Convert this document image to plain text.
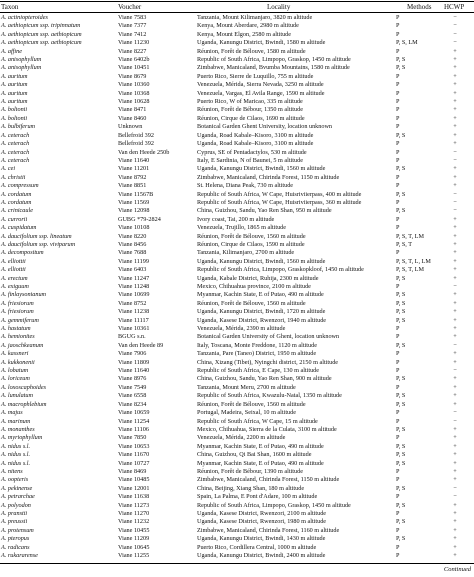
Taxon	Voucher	Locality	Methods HCWP
A. actiniopteroides	Viane 7583	Tanzania, Mount Kilimanjaro, 3820 m altitude	P	−
A. aethiopicum ssp. tripinnatum	Viane 7377	Kenya, Mount Aberdare, 2980 m altitude	P	−
A. aethiopicum ssp. aethiopicum	Viane 7412	Kenya, Mount Elgon, 2580 m altitude	P	−
A. aethiopicum ssp. aethiopicum	Viane 11230	Uganda, Kanungu District, Bwindi, 1580 m altitude	P, S, LM	−
A. affine	Viane 8227	Réunion, Forêt de Bélouve, 1580 m altitude	P	+
A. anisophyllum	Viane 6402b	Republic of South Africa, Limpopo, Graskop, 1450 m altitude	P, S	+
A. anisophyllum	Viane 10451	Zimbabwe, Manicaland, Bvumba Mountains, 1580 m altitude	P, S	+
A. auritum	Viane 8679	Puerto Rico, Sierre de Luquillo, 755 m altitude	P	+
A. auritum	Viane 10360	Venezuela, Mérida, Sierra Nevada, 3250 m altitude	P	+
A. auritum	Viane 10368	Venezuela, Vargas, El Avila Range, 1590 m altitude	P	+
A. auritum	Viane 10628	Puerto Rico, W of Maricao, 335 m altitude	P	+
A. boltonii	Viane 8471	Réunion, Forêt de Bébour, 1350 m altitude	P	+
A. boltonii	Viane 8460	Réunion, Cirque de Cilaos, 1690 m altitude	P	+
A. bulbiferum	Unknown	Botanical Garden Ghent University, location unknown	P	+
A. ceterach	Bellefroid 392	Uganda, Road Kabale–Kisoro, 3100 m altitude	P, S	+
A. ceterach	Bellefroid 392	Uganda, Road Kabale–Kisoro, 3100 m altitude	P	+
A. ceterach	Van den Heede 250b	Cyprus, SE of Pentadactylos, 530 m altitude	P	−
A. ceterach	Viane 11640	Italy, E Sardinia, N of Baunei, 5 m altitude	P	−
A. cei	Viane 11201	Uganda, Kanungu District, Bwindi, 1560 m altitude	P, S	+
A. christii	Viane 8792	Zimbabwe, Manicaland, Chirinda Forest, 1150 m altitude	P	+
A. compressum	Viane 8851	St. Helena, Diana Peak, 730 m altitude	P	+
A. cordatum	Viane 11567B	Republic of South Africa, W Cape, Huisriviierpass, 400 m altitude	P, S	−
A. cordatum	Viane 11569	Republic of South Africa, W Cape, Huisriviierpass, 360 m altitude	P	−
A. crinicaule	Viane 12098	China, Guizhou, Sandu, Yao Ren Shan, 950 m altitude	P, S	−
A. currorii	GUBG *79-2824	Ivory coast, Tai, 200 m altitude	P	+
A. cuspidatum	Viane 10108	Venezuela, Trujillo, 1865 m altitude	P	+
A. daucifolium ssp. lineatum	Viane 8220	Réunion, Forêt de Bélouve, 1560 m altitude	P, S, T, LM	+
A. daucifolium ssp. viviparum	Viane 8456	Réunion, Cirque de Cilaos, 1590 m altitude	P, S, T	+
A. decompositum	Viane 7688	Tanzania, Kilimanjaro, 2700 m altitude	P	+
A. elliottii	Viane 11199	Uganda, Kanungu District, Bwindi, 1560 m altitude	P, S, T, L, LM	+
A. elliottii	Viane 6403	Republic of South Africa, Limpopo, Graskopkloof, 1450 m altitude	P, S, T, LM	+
A. erectum	Viane 11247	Uganda, Kabale District, Ruhija, 2300 m altitude	P, S	+
A. exiguum	Viane 11248	Mexico, Chihuahua province, 2100 m altitude	P	−
A. finlaysonianum	Viane 10699	Myanmar, Kachin State, E of Putao, 490 m altitude	P, S	+
A. friesiorum	Viane 8752	Réunion, Forêt de Bélouve, 1560 m altitude	P, S	+
A. friesiorum	Viane 11238	Uganda, Kanungu District, Bwindi, 1720 m altitude	P, S	+
A. gemmiferum	Viane 11117	Uganda, Kasese District, Rwenzori, 1940 m altitude	P, S	+
A. hastatum	Viane 10361	Venezuela, Mérida, 2390 m altitude	P	+
A. hemionites	BGUG s.n.	Botanical Garden University of Ghent, location unknown	P	+
A. jaoschkeanum	Van den Heede 89	Italy, Toscana, Monte Freddone, 1120 m altitude	P, S	−
A. kassneri	Viane 7906	Tanzania, Pare (Taneo) District, 1950 m altitude	P	+
A. kukkonenii	Viane 11809	China, Xizang (Tibet), Nyingchi district, 2150 m altitude	P	+
A. lobatum	Viane 11640	Republic of South Africa, E Cape, 130 m altitude	P	−
A. loriceum	Viane 8976	China, Guizhou, Sandu, Yao Ren Shan, 900 m altitude	P, S	+
A. loxoscaphoides	Viane 7549	Tanzania, Mount Meru, 2700 m altitude	P	+
A. lunulatum	Viane 6558	Republic of South Africa, Kwazulu-Natal, 1350 m altitude	P, S	+
A. macrophlebium	Viane 8234	Réunion, Forêt de Bélouve, 1560 m altitude	P, S	+
A. majus	Viane 10659	Portugal, Madeira, Seixal, 10 m altitude	P	−
A. marinum	Viane 11254	Republic of South Africa, W Cape, 15 m altitude	P	−
A. monanthes	Viane 11106	Mexico, Chihuahua, Sierra de la Culata, 3100 m altitude	P, S	+
A. myriophyllum	Viane 7850	Venezuela, Mérida, 2200 m altitude	P	+
A. nidus s.l.	Viane 10653	Myanmar, Kachin State, E of Putao, 490 m altitude	P, S	+
A. nidus s.l.	Viane 11670	China, Guizhou, Qi Bai Shan, 1600 m altitude	P, S	+
A. nidus s.l.	Viane 10727	Myanmar, Kachin State, E of Putao, 490 m altitude	P, S	+
A. nitens	Viane 8469	Réunion, Forêt de Bébour, 1390 m altitude	P	+
A. oopteris	Viane 10485	Zimbabwe, Manicaland, Chirinda Forest, 1150 m altitude	P	+
A. pekinense	Viane 12001	China, Beijing, Xiang Shan, 180 m altitude	P, S	−
A. petrarchae	Viane 11638	Spain, La Palma, E Pont d'Adare, 100 m altitude	P	−
A. polyodon	Viane 11273	Republic of South Africa, Limpopo, Graskop, 1450 m altitude	P, S	+
A. pranstii	Viane 11270	Uganda, Kasese District, Rwenzori, 2100 m altitude	P	+
A. preussii	Viane 11232	Uganda, Kasese District, Rwenzori, 1980 m altitude	P, S	+
A. protensum	Viane 10455	Zimbabwe, Manicaland, Chirinda Forest, 1160 m altitude	P	+
A. pteropus	Viane 11209	Uganda, Kanungu District, Bwindi, 1430 m altitude	P, S	+
A. radicans	Viane 10645	Puerto Rico, Cordillera Central, 1000 m altitude	P	+
A. rukararense	Viane 11255	Uganda, Kanungu District, Bwindi, 2400 m altitude	P	+
Continued
